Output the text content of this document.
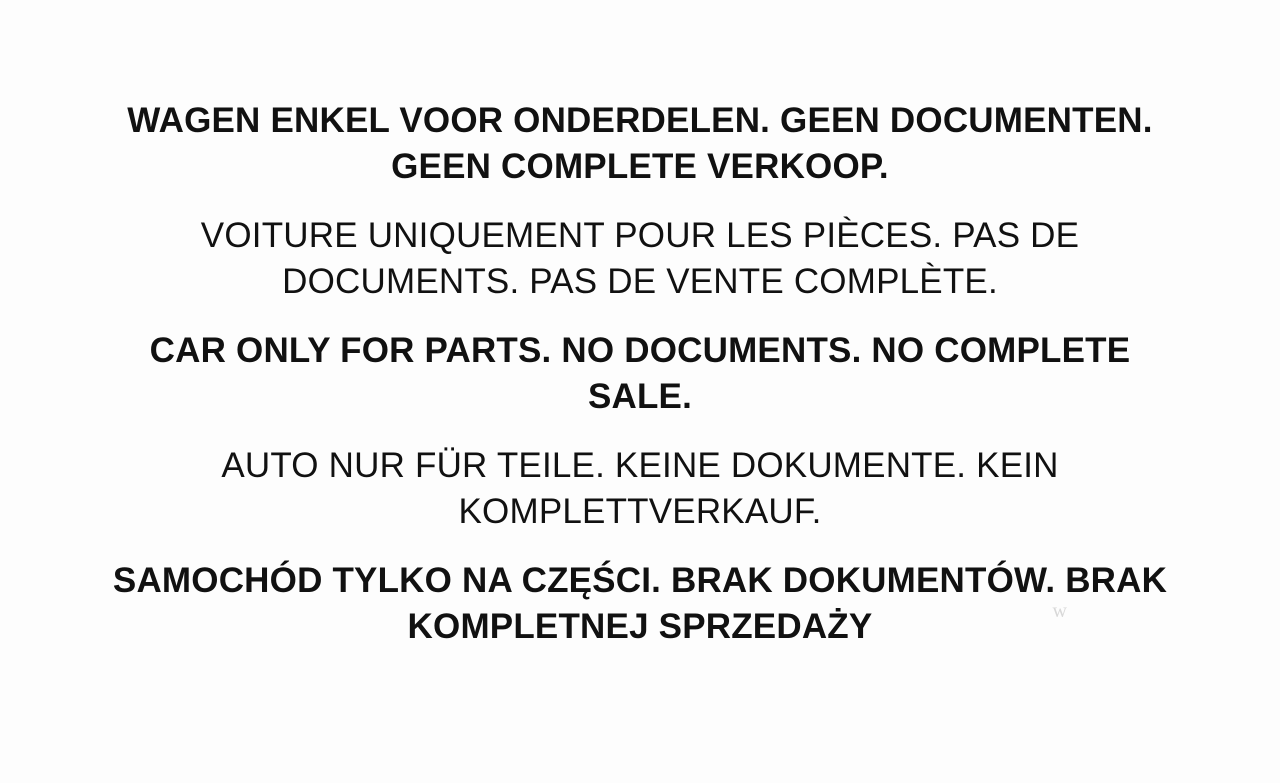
WAGEN ENKEL VOOR ONDERDELEN. GEEN DOCUMENTEN. GEEN COMPLETE VERKOOP.
VOITURE UNIQUEMENT POUR LES PIÈCES. PAS DE DOCUMENTS. PAS DE VENTE COMPLÈTE.
CAR ONLY FOR PARTS. NO DOCUMENTS. NO COMPLETE SALE.
AUTO NUR FÜR TEILE. KEINE DOKUMENTE. KEIN KOMPLETTVERKAUF.
SAMOCHÓD TYLKO NA CZĘŚCI. BRAK DOKUMENTÓW. BRAK KOMPLETNEJ SPRZEDAŻY	w
